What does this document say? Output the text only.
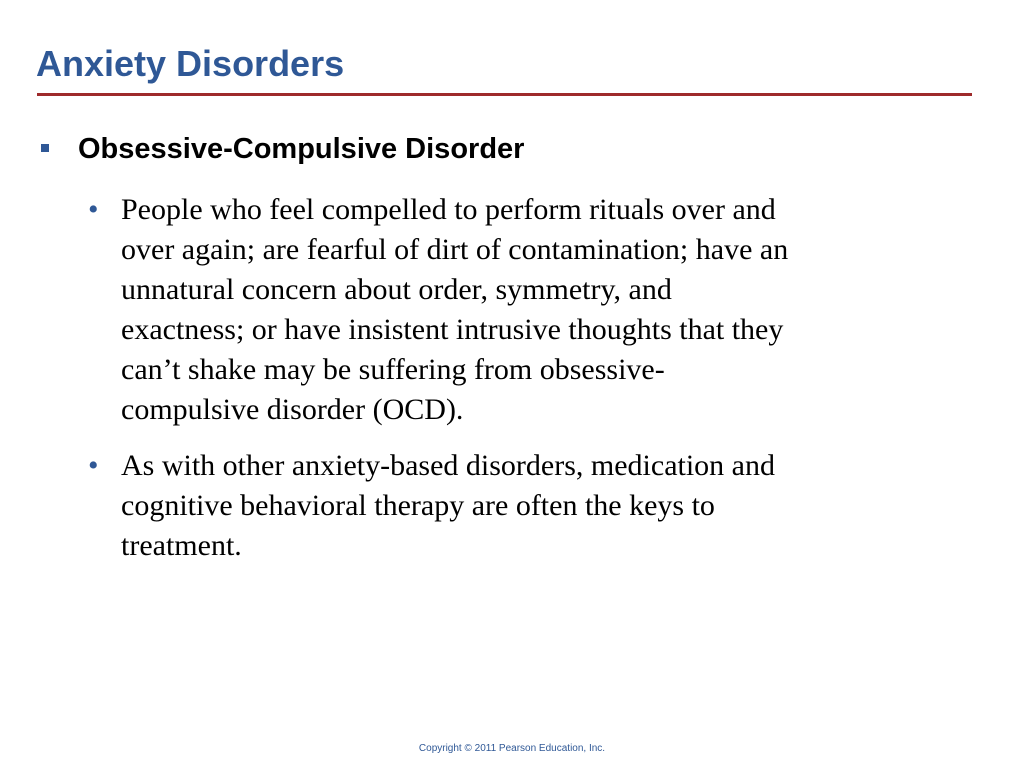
Anxiety Disorders
Obsessive-Compulsive Disorder
• People who feel compelled to perform rituals over and
over again; are fearful of dirt of contamination; have an
unnatural concern about order, symmetry, and
exactness; or have insistent intrusive thoughts that they
can’t shake may be suffering from obsessive-
compulsive disorder (OCD).
• As with other anxiety-based disorders, medication and
cognitive behavioral therapy are often the keys to
treatment.
Copyright © 2011 Pearson Education, Inc.
